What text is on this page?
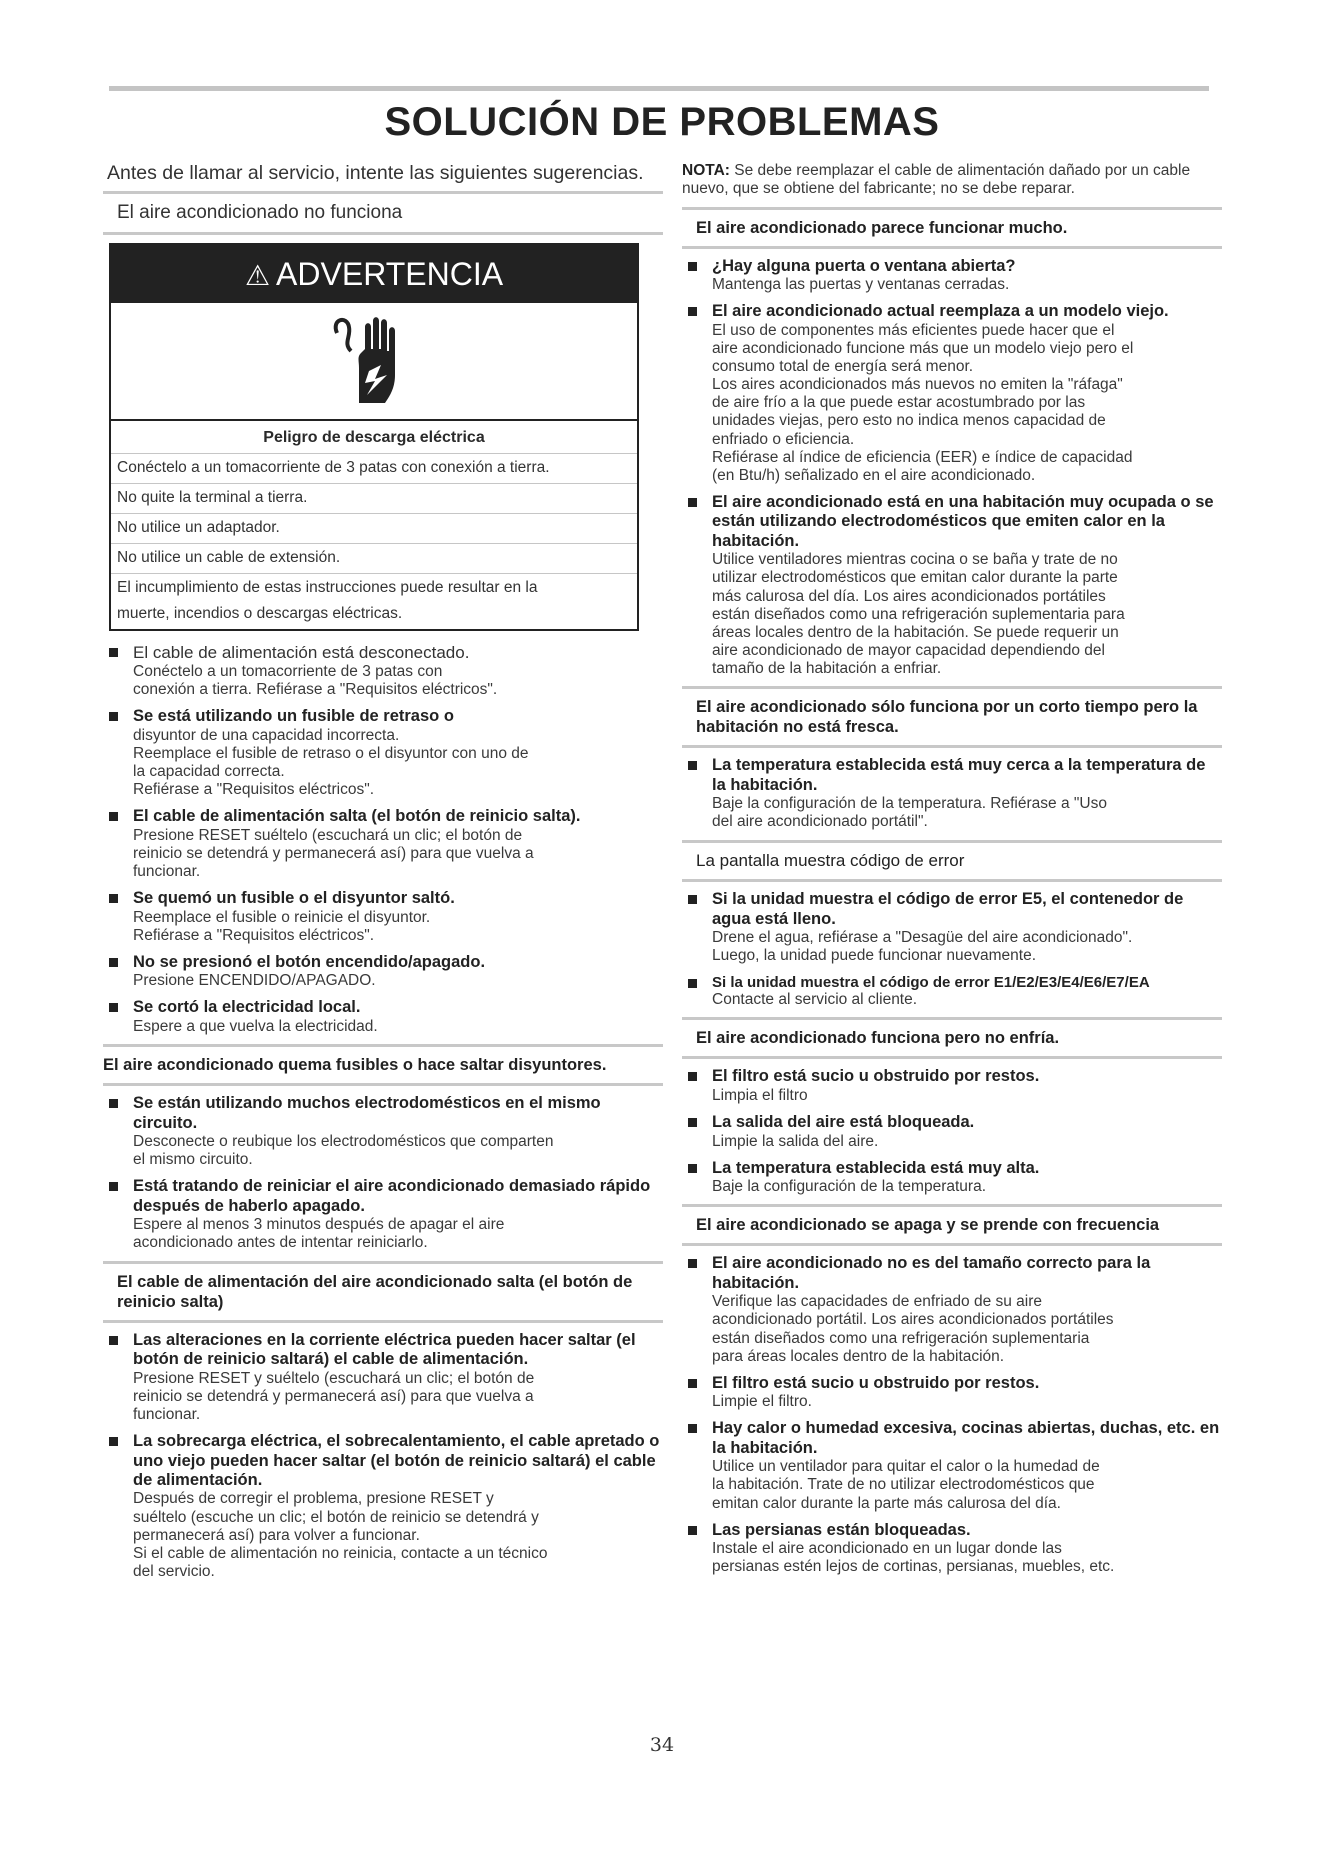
SOLUCIÓN DE PROBLEMAS
Antes de llamar al servicio, intente las siguientes sugerencias.
El aire acondicionado no funciona
⚠ ADVERTENCIA
Peligro de descarga eléctrica
Conéctelo a un tomacorriente de 3 patas con conexión a tierra.
No quite la terminal a tierra.
No utilice un adaptador.
No utilice un cable de extensión.
El incumplimiento de estas instrucciones puede resultar en la
muerte, incendios o descargas eléctricas.
El cable de alimentación está desconectado.
Conéctelo a un tomacorriente de 3 patas con
conexión a tierra. Refiérase a "Requisitos eléctricos".
Se está utilizando un fusible de retraso o
disyuntor de una capacidad incorrecta.
Reemplace el fusible de retraso o el disyuntor con uno de
la capacidad correcta.
Refiérase a "Requisitos eléctricos".
El cable de alimentación salta (el botón de reinicio salta).
Presione RESET suéltelo (escuchará un clic; el botón de
reinicio se detendrá y permanecerá así) para que vuelva a
funcionar.
Se quemó un fusible o el disyuntor saltó.
Reemplace el fusible o reinicie el disyuntor.
Refiérase a "Requisitos eléctricos".
No se presionó el botón encendido/apagado.
Presione ENCENDIDO/APAGADO.
Se cortó la electricidad local.
Espere a que vuelva la electricidad.
El aire acondicionado quema fusibles o hace saltar disyuntores.
Se están utilizando muchos electrodomésticos en el mismo circuito.
Desconecte o reubique los electrodomésticos que comparten
el mismo circuito.
Está tratando de reiniciar el aire acondicionado demasiado rápido después de haberlo apagado.
Espere al menos 3 minutos después de apagar el aire
acondicionado antes de intentar reiniciarlo.
El cable de alimentación del aire acondicionado salta (el botón de reinicio salta)
Las alteraciones en la corriente eléctrica pueden hacer saltar (el botón de reinicio saltará) el cable de alimentación.
Presione RESET y suéltelo (escuchará un clic; el botón de
reinicio se detendrá y permanecerá así) para que vuelva a
funcionar.
La sobrecarga eléctrica, el sobrecalentamiento, el cable apretado o uno viejo pueden hacer saltar (el botón de reinicio saltará) el cable de alimentación.
Después de corregir el problema, presione RESET y
suéltelo (escuche un clic; el botón de reinicio se detendrá y
permanecerá así) para volver a funcionar.
Si el cable de alimentación no reinicia, contacte a un técnico
del servicio.
NOTA: Se debe reemplazar el cable de alimentación dañado por un cable nuevo, que se obtiene del fabricante; no se debe reparar.
El aire acondicionado parece funcionar mucho.
¿Hay alguna puerta o ventana abierta?
Mantenga las puertas y ventanas cerradas.
El aire acondicionado actual reemplaza a un modelo viejo.
El uso de componentes más eficientes puede hacer que el
aire acondicionado funcione más que un modelo viejo pero el
consumo total de energía será menor.
Los aires acondicionados más nuevos no emiten la "ráfaga"
de aire frío a la que puede estar acostumbrado por las
unidades viejas, pero esto no indica menos capacidad de
enfriado o eficiencia.
Refiérase al índice de eficiencia (EER) e índice de capacidad
(en Btu/h) señalizado en el aire acondicionado.
El aire acondicionado está en una habitación muy ocupada o se están utilizando electrodomésticos que emiten calor en la habitación.
Utilice ventiladores mientras cocina o se baña y trate de no
utilizar electrodomésticos que emitan calor durante la parte
más calurosa del día. Los aires acondicionados portátiles
están diseñados como una refrigeración suplementaria para
áreas locales dentro de la habitación. Se puede requerir un
aire acondicionado de mayor capacidad dependiendo del
tamaño de la habitación a enfriar.
El aire acondicionado sólo funciona por un corto tiempo pero la habitación no está fresca.
La temperatura establecida está muy cerca a la temperatura de la habitación.
Baje la configuración de la temperatura. Refiérase a "Uso
del aire acondicionado portátil".
La pantalla muestra código de error
Si la unidad muestra el código de error E5, el contenedor de agua está lleno.
Drene el agua, refiérase a "Desagüe del aire acondicionado".
Luego, la unidad puede funcionar nuevamente.
Si la unidad muestra el código de error E1/E2/E3/E4/E6/E7/EA
Contacte al servicio al cliente.
El aire acondicionado funciona pero no enfría.
El filtro está sucio u obstruido por restos.
Limpia el filtro
La salida del aire está bloqueada.
Limpie la salida del aire.
La temperatura establecida está muy alta.
Baje la configuración de la temperatura.
El aire acondicionado se apaga y se prende con frecuencia
El aire acondicionado no es del tamaño correcto para la habitación.
Verifique las capacidades de enfriado de su aire
acondicionado portátil. Los aires acondicionados portátiles
están diseñados como una refrigeración suplementaria
para áreas locales dentro de la habitación.
El filtro está sucio u obstruido por restos.
Limpie el filtro.
Hay calor o humedad excesiva, cocinas abiertas, duchas, etc. en la habitación.
Utilice un ventilador para quitar el calor o la humedad de
la habitación. Trate de no utilizar electrodomésticos que
emitan calor durante la parte más calurosa del día.
Las persianas están bloqueadas.
Instale el aire acondicionado en un lugar donde las
persianas estén lejos de cortinas, persianas, muebles, etc.
34
